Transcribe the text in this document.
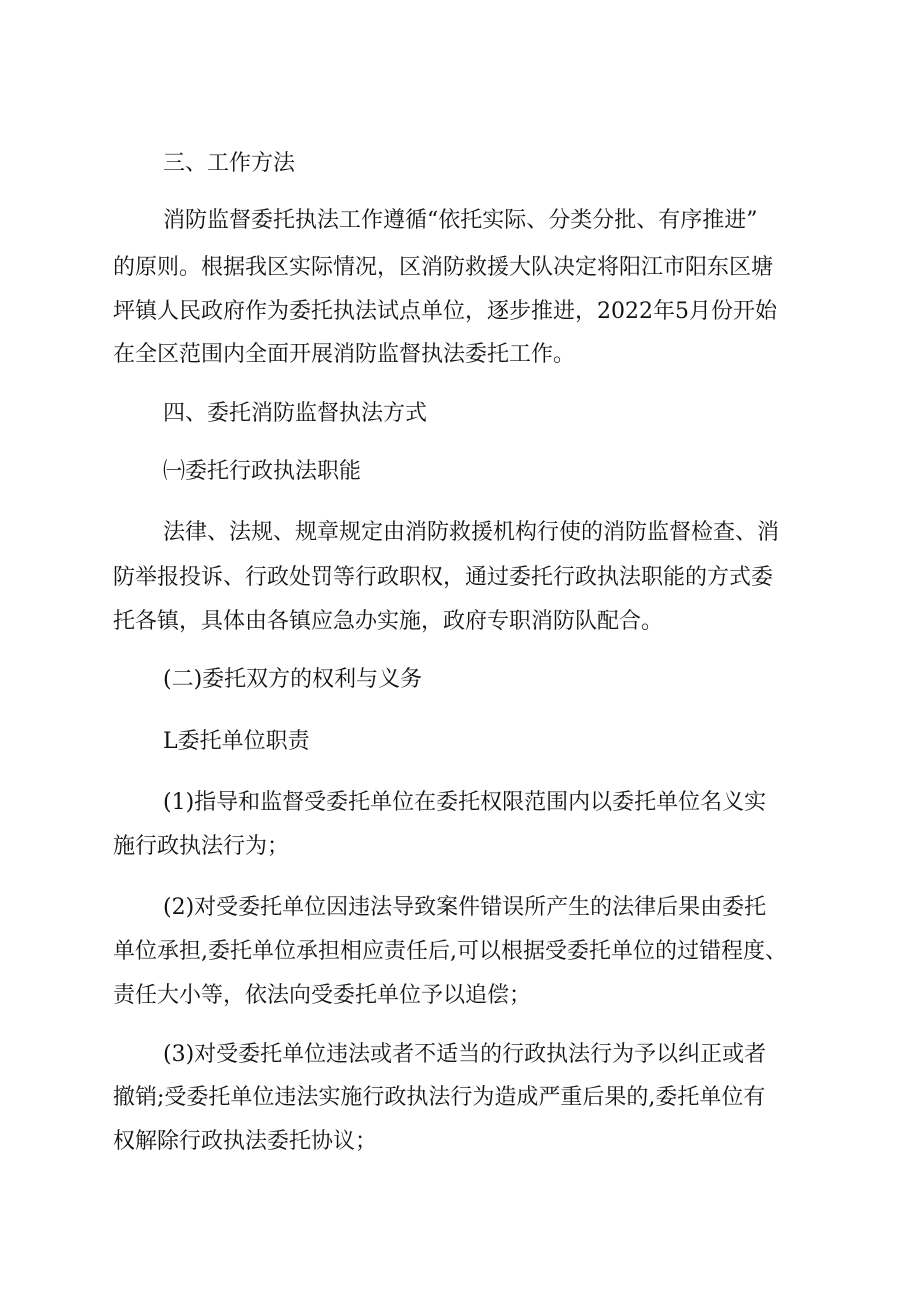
三、工作方法
消防监督委托执法工作遵循“依托实际、分类分批、有序推进”
的原则。根据我区实际情况，区消防救援大队决定将阳江市阳东区塘
坪镇人民政府作为委托执法试点单位，逐步推进，2022年5月份开始
在全区范围内全面开展消防监督执法委托工作。
四、委托消防监督执法方式
㈠委托行政执法职能
法律、法规、规章规定由消防救援机构行使的消防监督检查、消
防举报投诉、行政处罚等行政职权，通过委托行政执法职能的方式委
托各镇，具体由各镇应急办实施，政府专职消防队配合。
(二)委托双方的权利与义务
L委托单位职责
(1)指导和监督受委托单位在委托权限范围内以委托单位名义实
施行政执法行为；
(2)对受委托单位因违法导致案件错误所产生的法律后果由委托
单位承担,委托单位承担相应责任后,可以根据受委托单位的过错程度、
责任大小等，依法向受委托单位予以追偿；
(3)对受委托单位违法或者不适当的行政执法行为予以纠正或者
撤销;受委托单位违法实施行政执法行为造成严重后果的,委托单位有
权解除行政执法委托协议；
